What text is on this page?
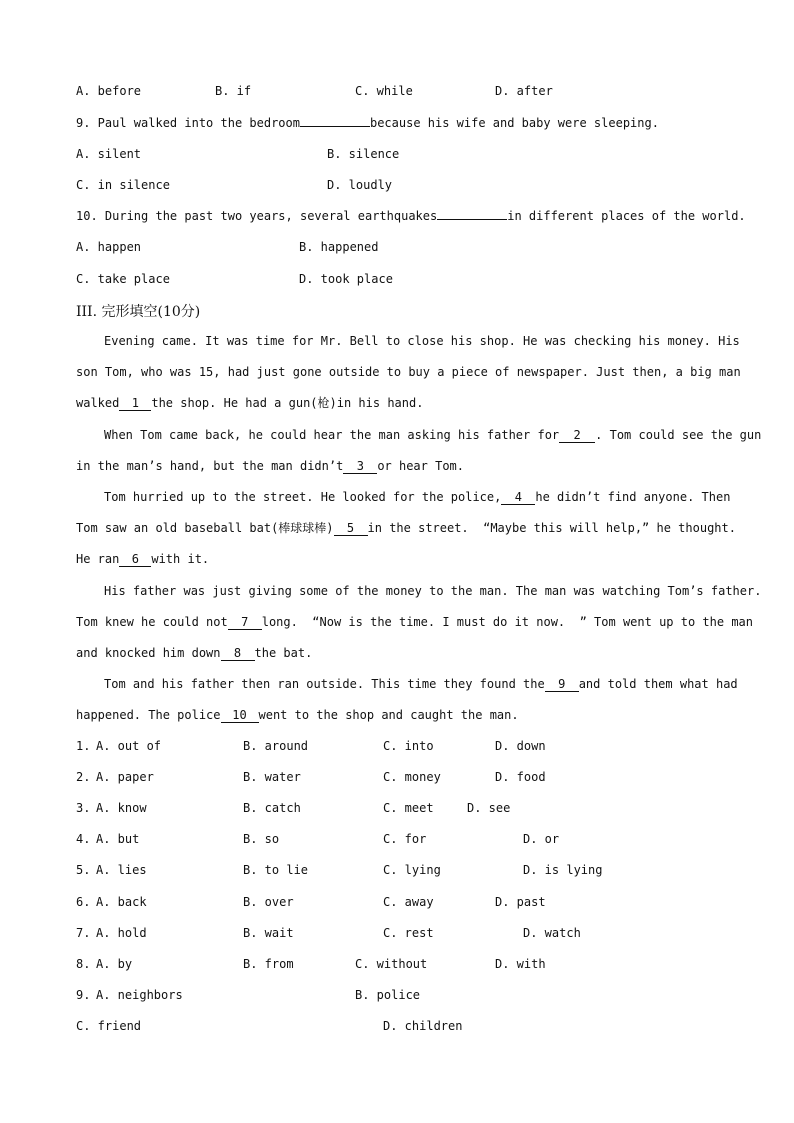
A. before	B. if	C. while	D. after
9. Paul walked into the bedroom	because his wife and baby were sleeping.
A. silent	B. silence
C. in silence	D. loudly
10. During the past two years, several earthquakes	in different places of the world.
A. happen	B. happened
C. take place	D. took place
III. 完形填空(10分)
Evening came. It was time for Mr. Bell to close his shop. He was checking his money. His
son Tom, who was 15, had just gone outside to buy a piece of newspaper. Just then, a big man
walked 1 the shop. He had a gun(枪)in his hand.
When Tom came back, he could hear the man asking his father for 2 . Tom could see the gun
in the man’s hand, but the man didn’t 3 or hear Tom.
Tom hurried up to the street. He looked for the police, 4 he didn’t find anyone. Then
Tom saw an old baseball bat(棒球球棒) 5 in the street.  “Maybe this will help,” he thought.
He ran 6 with it.
His father was just giving some of the money to the man. The man was watching Tom’s father.
Tom knew he could not 7 long.  “Now is the time. I must do it now.  ” Tom went up to the man
and knocked him down 8 the bat.
Tom and his father then ran outside. This time they found the 9 and told them what had
happened. The police 10 went to the shop and caught the man.
1. A. out of	B. around	C. into	D. down
2. A. paper	B. water	C. money	D. food
3. A. know	B. catch	C. meet	D. see
4. A. but	B. so	C. for	D. or
5. A. lies	B. to lie	C. lying	D. is lying
6. A. back	B. over	C. away	D. past
7. A. hold	B. wait	C. rest	D. watch
8. A. by	B. from	C. without	D. with
9. A. neighbors	B. police
C. friend	D. children
